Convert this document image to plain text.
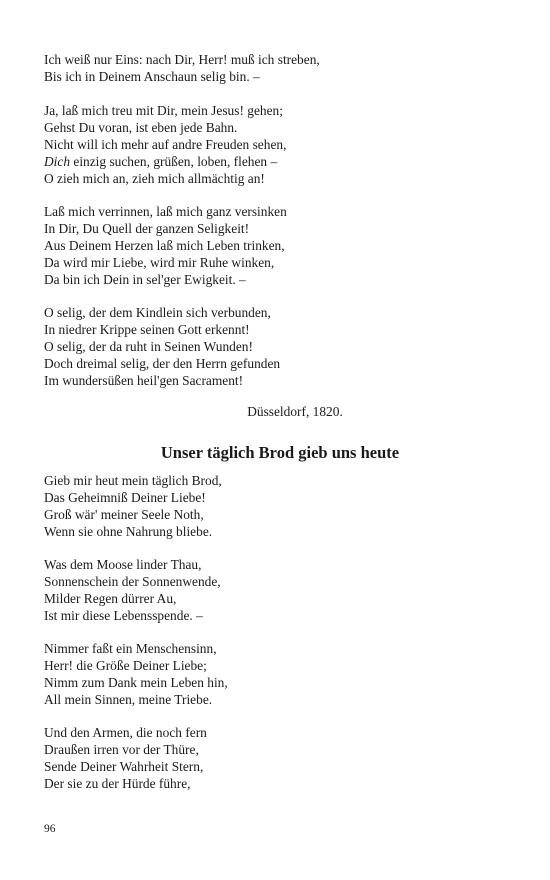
Ich weiß nur Eins: nach Dir, Herr! muß ich streben,
Bis ich in Deinem Anschaun selig bin. –
Ja, laß mich treu mit Dir, mein Jesus! gehen;
Gehst Du voran, ist eben jede Bahn.
Nicht will ich mehr auf andre Freuden sehen,
Dich einzig suchen, grüßen, loben, flehen –
O zieh mich an, zieh mich allmächtig an!
Laß mich verrinnen, laß mich ganz versinken
In Dir, Du Quell der ganzen Seligkeit!
Aus Deinem Herzen laß mich Leben trinken,
Da wird mir Liebe, wird mir Ruhe winken,
Da bin ich Dein in sel'ger Ewigkeit. –
O selig, der dem Kindlein sich verbunden,
In niedrer Krippe seinen Gott erkennt!
O selig, der da ruht in Seinen Wunden!
Doch dreimal selig, der den Herrn gefunden
Im wundersüßen heil'gen Sacrament!
Düsseldorf, 1820.
Unser täglich Brod gieb uns heute
Gieb mir heut mein täglich Brod,
Das Geheimniß Deiner Liebe!
Groß wär' meiner Seele Noth,
Wenn sie ohne Nahrung bliebe.
Was dem Moose linder Thau,
Sonnenschein der Sonnenwende,
Milder Regen dürrer Au,
Ist mir diese Lebensspende. –
Nimmer faßt ein Menschensinn,
Herr! die Größe Deiner Liebe;
Nimm zum Dank mein Leben hin,
All mein Sinnen, meine Triebe.
Und den Armen, die noch fern
Draußen irren vor der Thüre,
Sende Deiner Wahrheit Stern,
Der sie zu der Hürde führe,
96
